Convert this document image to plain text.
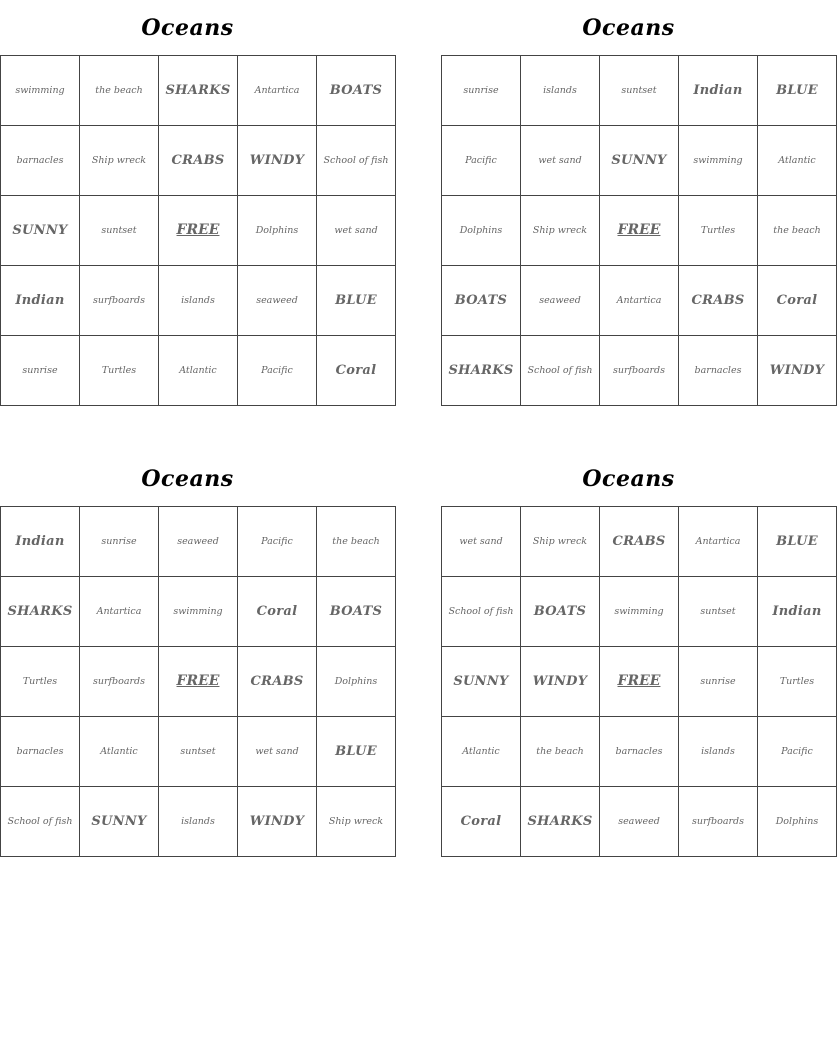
Oceans
swimming	the beach	SHARKS	Antartica	BOATS
barnacles	Ship wreck	CRABS	WINDY	School of fish
SUNNY	suntset	FREE	Dolphins	wet sand
Indian	surfboards	islands	seaweed	BLUE
sunrise	Turtles	Atlantic	Pacific	Coral
Oceans
sunrise	islands	suntset	Indian	BLUE
Pacific	wet sand	SUNNY	swimming	Atlantic
Dolphins	Ship wreck	FREE	Turtles	the beach
BOATS	seaweed	Antartica	CRABS	Coral
SHARKS	School of fish	surfboards	barnacles	WINDY
Oceans
Indian	sunrise	seaweed	Pacific	the beach
SHARKS	Antartica	swimming	Coral	BOATS
Turtles	surfboards	FREE	CRABS	Dolphins
barnacles	Atlantic	suntset	wet sand	BLUE
School of fish	SUNNY	islands	WINDY	Ship wreck
Oceans
wet sand	Ship wreck	CRABS	Antartica	BLUE
School of fish	BOATS	swimming	suntset	Indian
SUNNY	WINDY	FREE	sunrise	Turtles
Atlantic	the beach	barnacles	islands	Pacific
Coral	SHARKS	seaweed	surfboards	Dolphins
